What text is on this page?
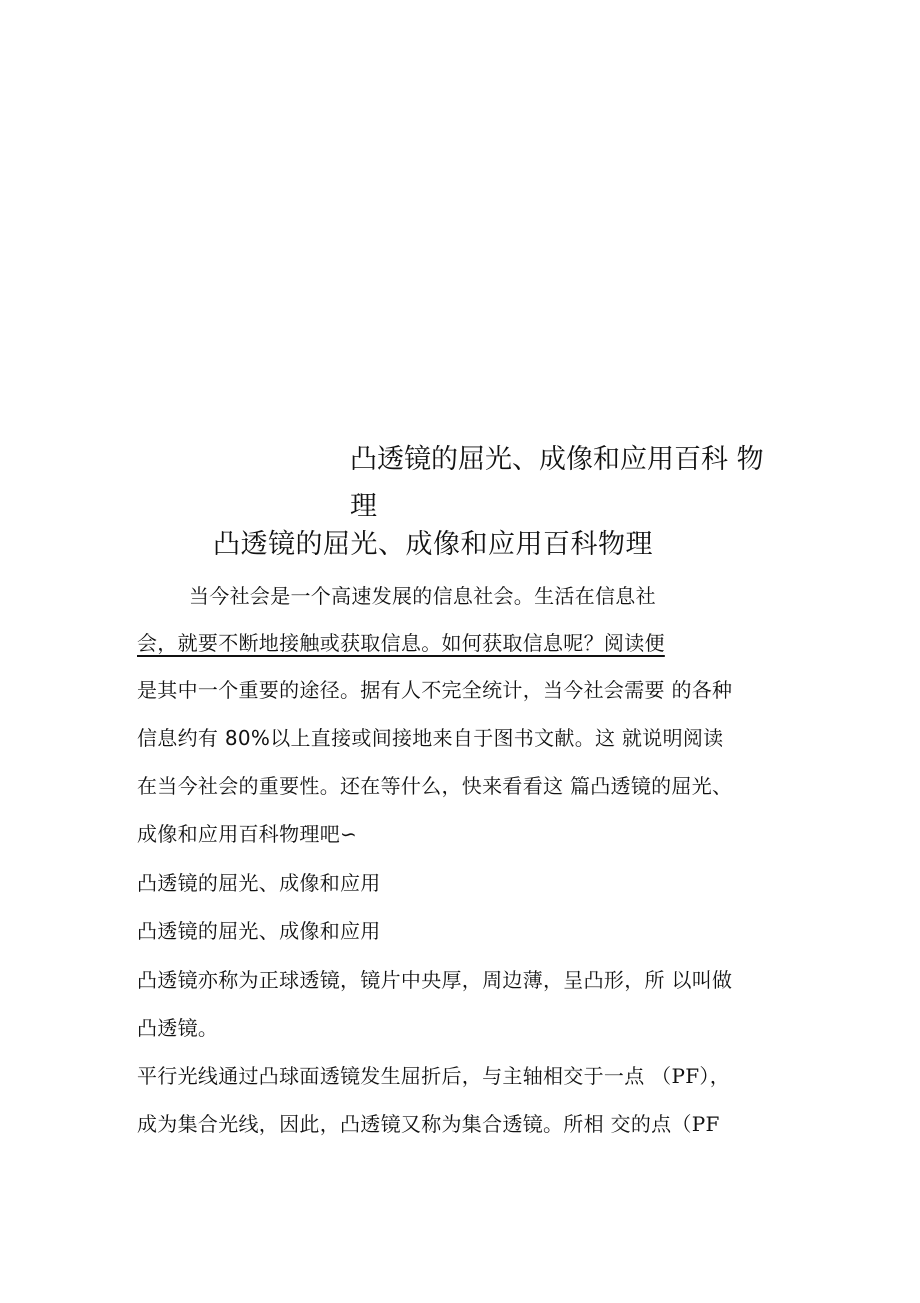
凸透镜的屈光、成像和应用百科 物
理
凸透镜的屈光、成像和应用百科物理
当今社会是一个高速发展的信息社会。生活在信息社
会，就要不断地接触或获取信息。如何获取信息呢？阅读便
是其中一个重要的途径。据有人不完全统计，当今社会需要 的各种
信息约有 80%以上直接或间接地来自于图书文献。这 就说明阅读
在当今社会的重要性。还在等什么，快来看看这 篇凸透镜的屈光、
成像和应用百科物理吧∽
凸透镜的屈光、成像和应用
凸透镜的屈光、成像和应用
凸透镜亦称为正球透镜，镜片中央厚，周边薄，呈凸形，所 以叫做
凸透镜。
平行光线通过凸球面透镜发生屈折后，与主轴相交于一点 （PF），
成为集合光线，因此，凸透镜又称为集合透镜。所相 交的点（PF
